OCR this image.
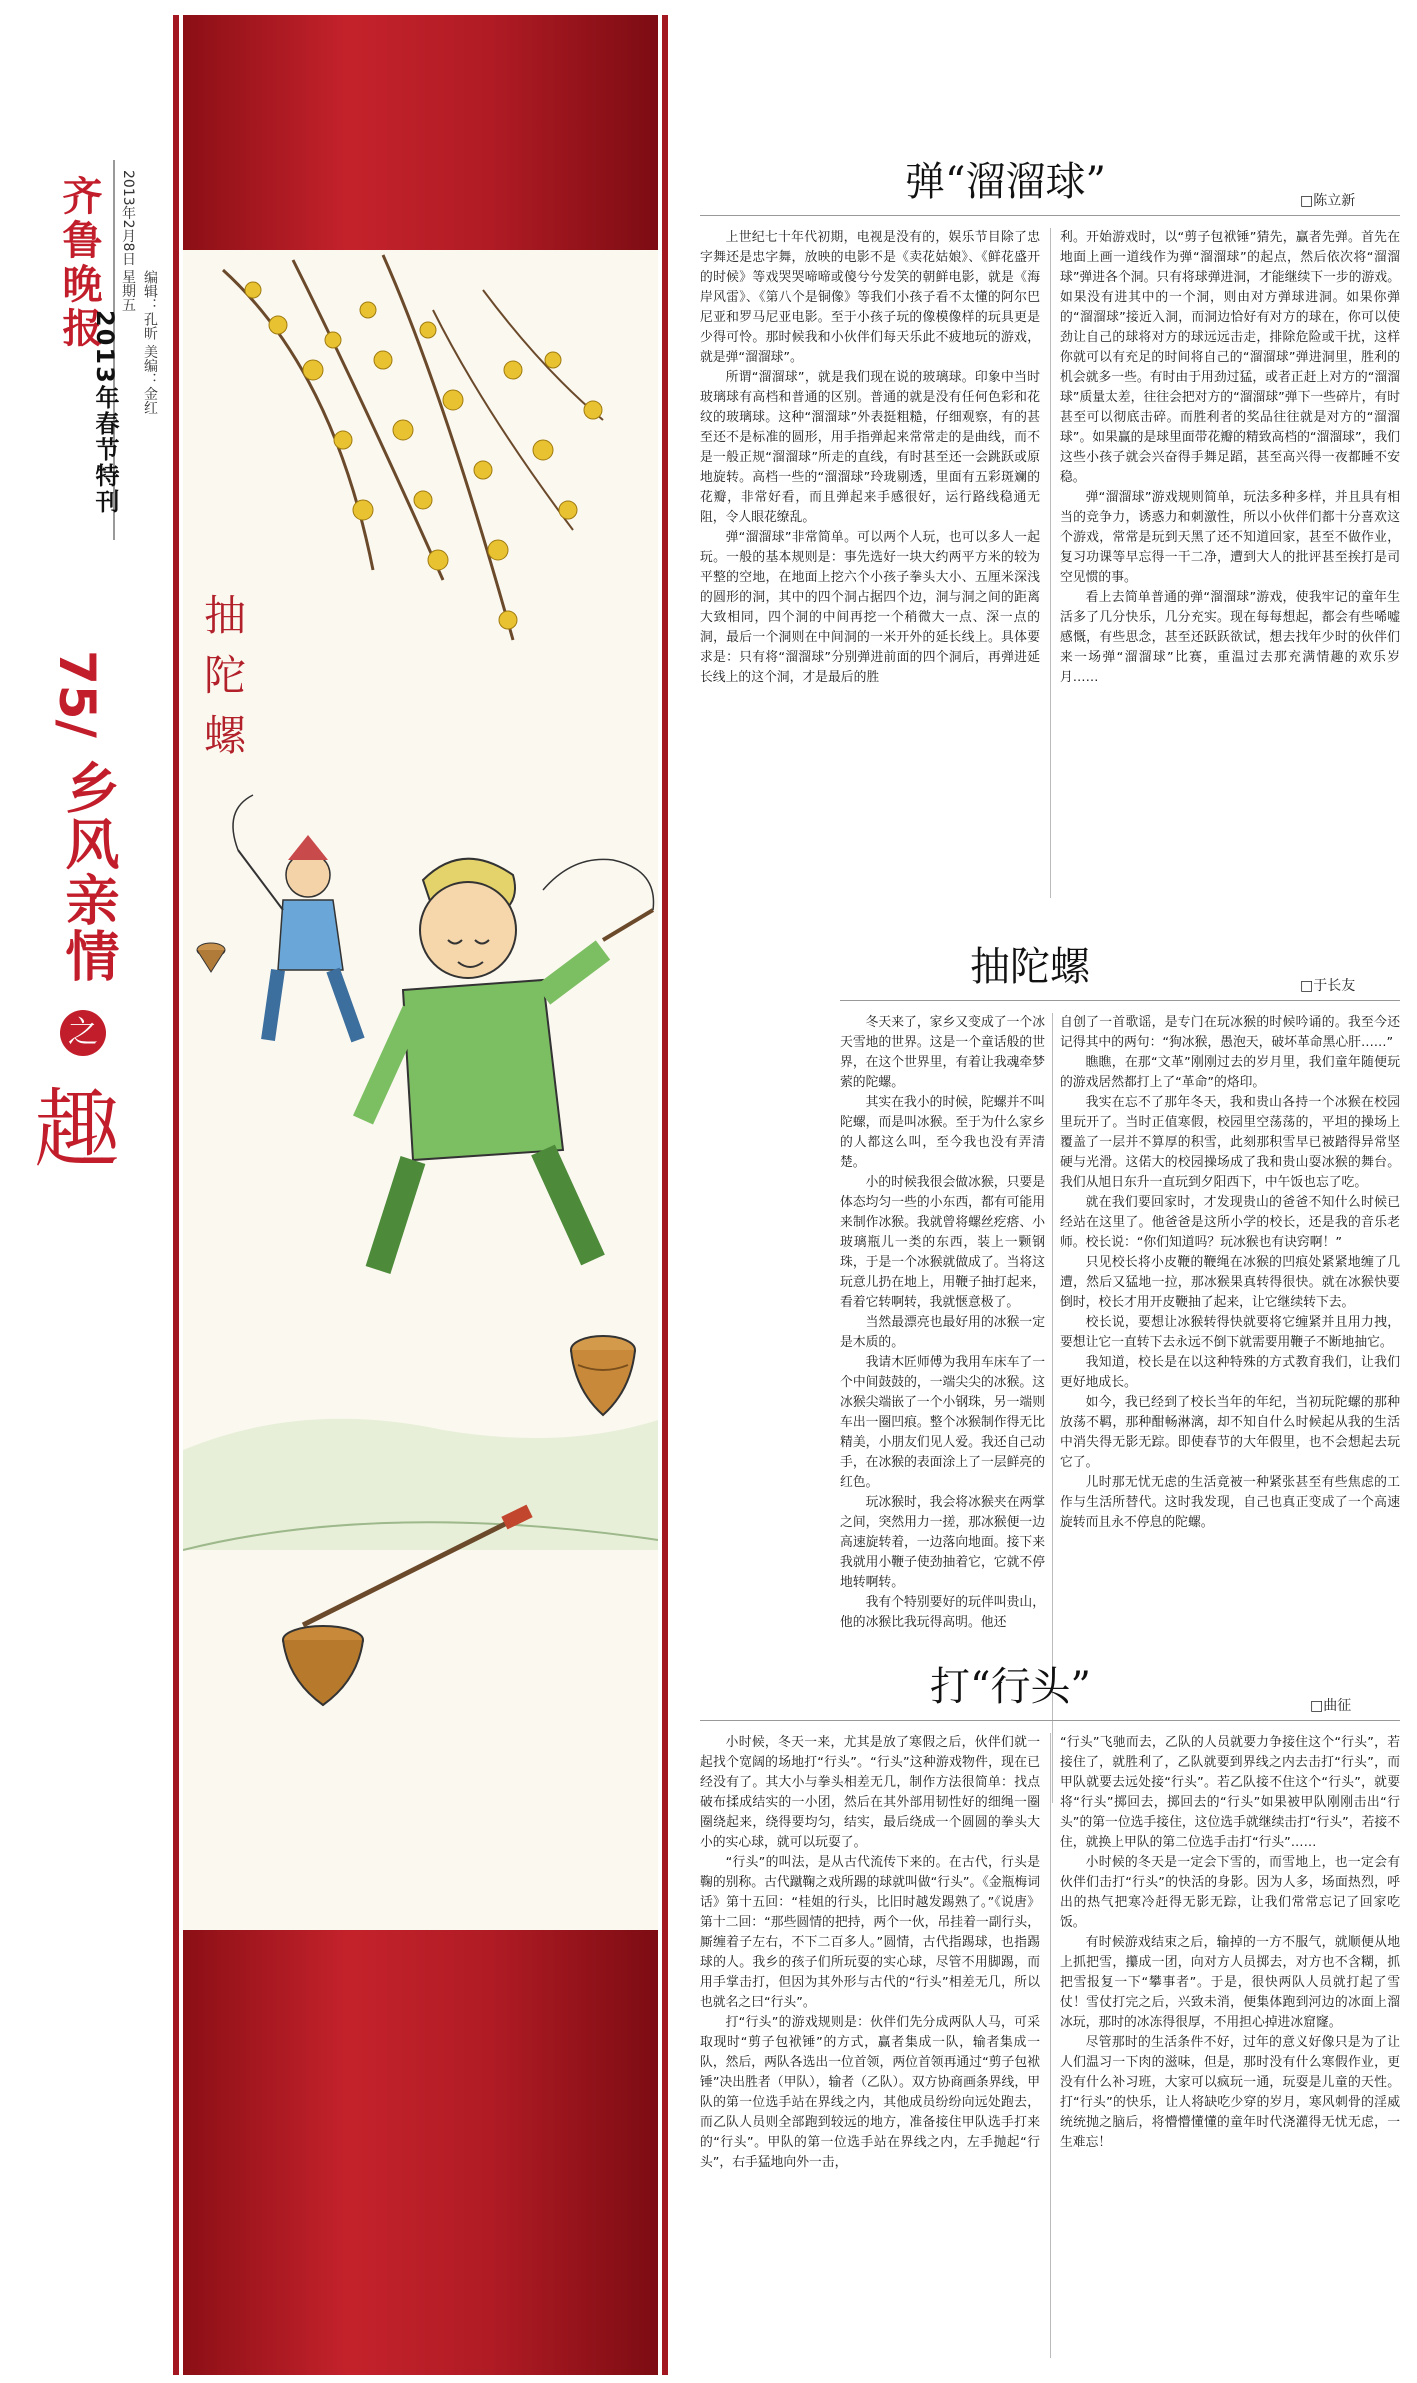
齐鲁晚报	2013年2月8日 星期五
编辑：孔昕 美编：金红
2013年春节特刊
75/
乡风亲情
之
趣
抽
陀
螺
弹“溜溜球”	□陈立新

上世纪七十年代初期，电视是没有的，娱乐节目除了忠字舞还是忠字舞，放映的电影不是《卖花姑娘》、《鲜花盛开的时候》等戏哭哭啼啼或傻兮兮发笑的朝鲜电影，就是《海岸风雷》、《第八个是铜像》等我们小孩子看不太懂的阿尔巴尼亚和罗马尼亚电影。至于小孩子玩的像模像样的玩具更是少得可怜。那时候我和小伙伴们每天乐此不疲地玩的游戏，就是弹“溜溜球”。

所谓“溜溜球”，就是我们现在说的玻璃球。印象中当时玻璃球有高档和普通的区别。普通的就是没有任何色彩和花纹的玻璃球。这种“溜溜球”外表挺粗糙，仔细观察，有的甚至还不是标准的圆形，用手指弹起来常常走的是曲线，而不是一般正规“溜溜球”所走的直线，有时甚至还一会跳跃或原地旋转。高档一些的“溜溜球”玲珑剔透，里面有五彩斑斓的花瓣，非常好看，而且弹起来手感很好，运行路线稳通无阻，令人眼花缭乱。

弹“溜溜球”非常简单。可以两个人玩，也可以多人一起玩。一般的基本规则是：事先选好一块大约两平方米的较为平整的空地，在地面上挖六个小孩子拳头大小、五厘米深浅的圆形的洞，其中的四个洞占据四个边，洞与洞之间的距离大致相同，四个洞的中间再挖一个稍微大一点、深一点的洞，最后一个洞则在中间洞的一米开外的延长线上。具体要求是：只有将“溜溜球”分别弹进前面的四个洞后，再弹进延长线上的这个洞，才是最后的胜

利。开始游戏时，以“剪子包袱锤”猜先，赢者先弹。首先在地面上画一道线作为弹“溜溜球”的起点，然后依次将“溜溜球”弹进各个洞。只有将球弹进洞，才能继续下一步的游戏。如果没有进其中的一个洞，则由对方弹球进洞。如果你弹的“溜溜球”接近入洞，而洞边恰好有对方的球在，你可以使劲让自己的球将对方的球远远击走，排除危险或干扰，这样你就可以有充足的时间将自己的“溜溜球”弹进洞里，胜利的机会就多一些。有时由于用劲过猛，或者正赶上对方的“溜溜球”质量太差，往往会把对方的“溜溜球”弹下一些碎片，有时甚至可以彻底击碎。而胜利者的奖品往往就是对方的“溜溜球”。如果赢的是球里面带花瓣的精致高档的“溜溜球”，我们这些小孩子就会兴奋得手舞足蹈，甚至高兴得一夜都睡不安稳。

弹“溜溜球”游戏规则简单，玩法多种多样，并且具有相当的竞争力，诱惑力和刺激性，所以小伙伴们都十分喜欢这个游戏，常常是玩到天黑了还不知道回家，甚至不做作业，复习功课等早忘得一干二净，遭到大人的批评甚至挨打是司空见惯的事。

看上去简单普通的弹“溜溜球”游戏，使我牢记的童年生活多了几分快乐，几分充实。现在每每想起，都会有些唏嘘感慨，有些思念，甚至还跃跃欲试，想去找年少时的伙伴们来一场弹“溜溜球”比赛，重温过去那充满情趣的欢乐岁月……

抽陀螺	□于长友

冬天来了，家乡又变成了一个冰天雪地的世界。这是一个童话般的世界，在这个世界里，有着让我魂牵梦萦的陀螺。

其实在我小的时候，陀螺并不叫陀螺，而是叫冰猴。至于为什么家乡的人都这么叫，至今我也没有弄清楚。

小的时候我很会做冰猴，只要是体态均匀一些的小东西，都有可能用来制作冰猴。我就曾将螺丝疙瘩、小玻璃瓶儿一类的东西，装上一颗钢珠，于是一个冰猴就做成了。当将这玩意儿扔在地上，用鞭子抽打起来，看着它转啊转，我就惬意极了。

当然最漂亮也最好用的冰猴一定是木质的。

我请木匠师傅为我用车床车了一个中间鼓鼓的，一端尖尖的冰猴。这冰猴尖端嵌了一个小钢珠，另一端则车出一圈凹痕。整个冰猴制作得无比精美，小朋友们见人爱。我还自己动手，在冰猴的表面涂上了一层鲜亮的红色。

玩冰猴时，我会将冰猴夹在两掌之间，突然用力一搓，那冰猴便一边高速旋转着，一边落向地面。接下来我就用小鞭子使劲抽着它，它就不停地转啊转。

我有个特别要好的玩伴叫贵山，他的冰猴比我玩得高明。他还

自创了一首歌谣，是专门在玩冰猴的时候吟诵的。我至今还记得其中的两句：“狗冰猴，愚泡天，破坏革命黑心肝……”

瞧瞧，在那“文革”刚刚过去的岁月里，我们童年随便玩的游戏居然都打上了“革命”的烙印。

我实在忘不了那年冬天，我和贵山各持一个冰猴在校园里玩开了。当时正值寒假，校园里空荡荡的，平坦的操场上覆盖了一层并不算厚的积雪，此刻那积雪早已被踏得异常坚硬与光滑。这偌大的校园操场成了我和贵山耍冰猴的舞台。我们从旭日东升一直玩到夕阳西下，中午饭也忘了吃。

就在我们要回家时，才发现贵山的爸爸不知什么时候已经站在这里了。他爸爸是这所小学的校长，还是我的音乐老师。校长说：“你们知道吗？玩冰猴也有诀窍啊！”

只见校长将小皮鞭的鞭绳在冰猴的凹痕处紧紧地缠了几遭，然后又猛地一拉，那冰猴果真转得很快。就在冰猴快要倒时，校长才用开皮鞭抽了起来，让它继续转下去。

校长说，要想让冰猴转得快就要将它缠紧并且用力拽，要想让它一直转下去永远不倒下就需要用鞭子不断地抽它。

我知道，校长是在以这种特殊的方式教育我们，让我们更好地成长。

如今，我已经到了校长当年的年纪，当初玩陀螺的那种放荡不羁，那种酣畅淋漓，却不知自什么时候起从我的生活中消失得无影无踪。即使春节的大年假里，也不会想起去玩它了。

儿时那无忧无虑的生活竟被一种紧张甚至有些焦虑的工作与生活所替代。这时我发现，自己也真正变成了一个高速旋转而且永不停息的陀螺。

打“行头”	□曲征

小时候，冬天一来，尤其是放了寒假之后，伙伴们就一起找个宽阔的场地打“行头”。“行头”这种游戏物件，现在已经没有了。其大小与拳头相差无几，制作方法很简单：找点破布揉成结实的一小团，然后在其外部用韧性好的细绳一圈圈绕起来，绕得要均匀，结实，最后绕成一个圆圆的拳头大小的实心球，就可以玩耍了。

“行头”的叫法，是从古代流传下来的。在古代，行头是鞠的别称。古代蹴鞠之戏所踢的球就叫做“行头”。《金瓶梅词话》第十五回：“桂姐的行头，比旧时越发踢熟了。”《说唐》第十二回：“那些圆情的把持，两个一伙，吊挂着一副行头，厮缠着子左右，不下二百多人。”圆情，古代指踢球，也指踢球的人。我乡的孩子们所玩耍的实心球，尽管不用脚踢，而用手掌击打，但因为其外形与古代的“行头”相差无几，所以也就名之曰“行头”。

打“行头”的游戏规则是：伙伴们先分成两队人马，可采取现时“剪子包袱锤”的方式，赢者集成一队，输者集成一队，然后，两队各选出一位首领，两位首领再通过“剪子包袱锤”决出胜者（甲队），输者（乙队）。双方协商画条界线，甲队的第一位选手站在界线之内，其他成员纷纷向远处跑去，而乙队人员则全部跑到较远的地方，准备接住甲队选手打来的“行头”。甲队的第一位选手站在界线之内，左手抛起“行头”，右手猛地向外一击，

“行头”飞驰而去，乙队的人员就要力争接住这个“行头”，若接住了，就胜利了，乙队就要到界线之内去击打“行头”，而甲队就要去远处接“行头”。若乙队接不住这个“行头”，就要将“行头”掷回去，掷回去的“行头”如果被甲队刚刚击出“行头”的第一位选手接住，这位选手就继续击打“行头”，若接不住，就换上甲队的第二位选手击打“行头”……

小时候的冬天是一定会下雪的，而雪地上，也一定会有伙伴们击打“行头”的快活的身影。因为人多，场面热烈，呼出的热气把寒冷赶得无影无踪，让我们常常忘记了回家吃饭。

有时候游戏结束之后，输掉的一方不服气，就顺便从地上抓把雪，攥成一团，向对方人员掷去，对方也不含糊，抓把雪报复一下“攀事者”。于是，很快两队人员就打起了雪仗！雪仗打完之后，兴致未消，便集体跑到河边的冰面上溜冰玩，那时的冰冻得很厚，不用担心掉进冰窟窿。

尽管那时的生活条件不好，过年的意义好像只是为了让人们温习一下肉的滋味，但是，那时没有什么寒假作业，更没有什么补习班，大家可以疯玩一通，玩耍是儿童的天性。打“行头”的快乐，让人将缺吃少穿的岁月，寒风刺骨的淫威统统抛之脑后，将懵懵懂懂的童年时代浇灌得无忧无虑，一生难忘！
